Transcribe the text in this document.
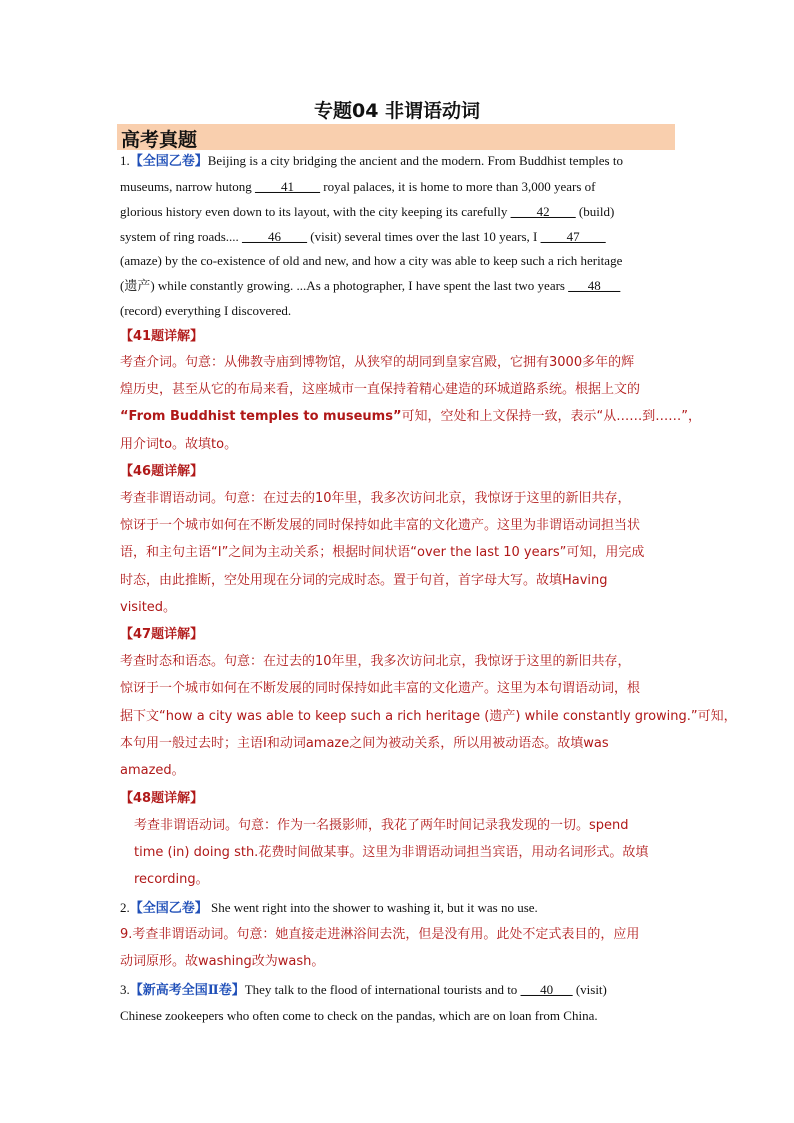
专题04 非谓语动词
高考真题
1.【全国乙卷】Beijing is a city bridging the ancient and the modern. From Buddhist temples to
museums, narrow hutong ____41____ royal palaces, it is home to more than 3,000 years of
glorious history even down to its layout, with the city keeping its carefully ____42____ (build)
system of ring roads.... ____46____ (visit) several times over the last 10 years, I ____47____
(amaze) by the co-existence of old and new, and how a city was able to keep such a rich heritage
(遗产) while constantly growing. ...As a photographer, I have spent the last two years ___48___
(record) everything I discovered.
【41题详解】
考查介词。句意：从佛教寺庙到博物馆，从狭窄的胡同到皇家宫殿，它拥有3000多年的辉
煌历史，甚至从它的布局来看，这座城市一直保持着精心建造的环城道路系统。根据上文的
“From Buddhist temples to museums”可知，空处和上文保持一致，表示“从……到……”，
用介词to。故填to。
【46题详解】
考查非谓语动词。句意：在过去的10年里，我多次访问北京，我惊讶于这里的新旧共存，
惊讶于一个城市如何在不断发展的同时保持如此丰富的文化遗产。这里为非谓语动词担当状
语，和主句主语“I”之间为主动关系；根据时间状语“over the last 10 years”可知，用完成
时态，由此推断，空处用现在分词的完成时态。置于句首，首字母大写。故填Having
visited。
【47题详解】
考查时态和语态。句意：在过去的10年里，我多次访问北京，我惊讶于这里的新旧共存，
惊讶于一个城市如何在不断发展的同时保持如此丰富的文化遗产。这里为本句谓语动词，根
据下文“how a city was able to keep such a rich heritage (遗产) while constantly growing.”可知，
本句用一般过去时；主语I和动词amaze之间为被动关系，所以用被动语态。故填was
amazed。
【48题详解】
考查非谓语动词。句意：作为一名摄影师，我花了两年时间记录我发现的一切。spend
time (in) doing sth.花费时间做某事。这里为非谓语动词担当宾语，用动名词形式。故填
recording。
2.【全国乙卷】 She went right into the shower to washing it, but it was no use.
9.考查非谓语动词。句意：她直接走进淋浴间去洗，但是没有用。此处不定式表目的，应用
动词原形。故washing改为wash。
3.【新高考全国Ⅱ卷】They talk to the flood of international tourists and to ___40___ (visit)
Chinese zookeepers who often come to check on the pandas, which are on loan from China.
